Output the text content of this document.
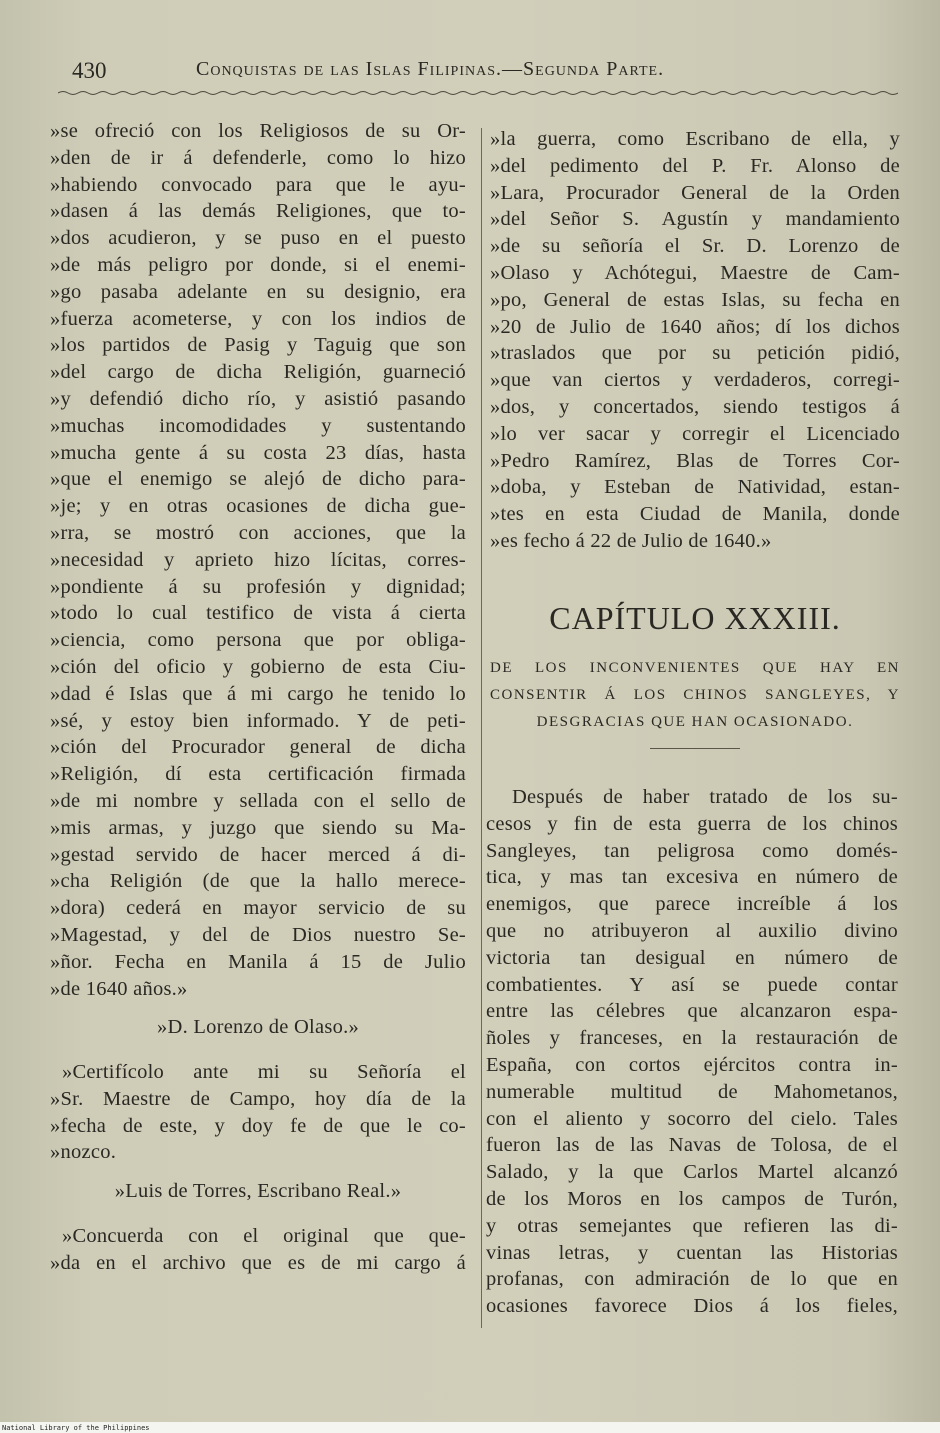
430	Conquistas de las Islas Filipinas.—Segunda Parte.
»se ofreció con los Religiosos de su Or-
»den de ir á defenderle, como lo hizo
»habiendo convocado para que le ayu-
»dasen á las demás Religiones, que to-
»dos acudieron, y se puso en el puesto
»de más peligro por donde, si el enemi-
»go pasaba adelante en su designio, era
»fuerza acometerse, y con los indios de
»los partidos de Pasig y Taguig que son
»del cargo de dicha Religión, guarneció
»y defendió dicho río, y asistió pasando
»muchas incomodidades y sustentando
»mucha gente á su costa 23 días, hasta
»que el enemigo se alejó de dicho para-
»je; y en otras ocasiones de dicha gue-
»rra, se mostró con acciones, que la
»necesidad y aprieto hizo lícitas, corres-
»pondiente á su profesión y dignidad;
»todo lo cual testifico de vista á cierta
»ciencia, como persona que por obliga-
»ción del oficio y gobierno de esta Ciu-
»dad é Islas que á mi cargo he tenido lo
»sé, y estoy bien informado. Y de peti-
»ción del Procurador general de dicha
»Religión, dí esta certificación firmada
»de mi nombre y sellada con el sello de
»mis armas, y juzgo que siendo su Ma-
»gestad servido de hacer merced á di-
»cha Religión (de que la hallo merece-
»dora) cederá en mayor servicio de su
»Magestad, y del de Dios nuestro Se-
»ñor. Fecha en Manila á 15 de Julio
»de 1640 años.»
»D. Lorenzo de Olaso.»
»Certifícolo ante mi su Señoría el
»Sr. Maestre de Campo, hoy día de la
»fecha de este, y doy fe de que le co-
»nozco.
»Luis de Torres, Escribano Real.»
»Concuerda con el original que que-
»da en el archivo que es de mi cargo á
»la guerra, como Escribano de ella, y
»del pedimento del P. Fr. Alonso de
»Lara, Procurador General de la Orden
»del Señor S. Agustín y mandamiento
»de su señoría el Sr. D. Lorenzo de
»Olaso y Achótegui, Maestre de Cam-
»po, General de estas Islas, su fecha en
»20 de Julio de 1640 años; dí los dichos
»traslados que por su petición pidió,
»que van ciertos y verdaderos, corregi-
»dos, y concertados, siendo testigos á
»lo ver sacar y corregir el Licenciado
»Pedro Ramírez, Blas de Torres Cor-
»doba, y Esteban de Natividad, estan-
»tes en esta Ciudad de Manila, donde
»es fecho á 22 de Julio de 1640.»
CAPÍTULO XXXIII.
DE LOS INCONVENIENTES QUE HAY EN
CONSENTIR Á LOS CHINOS SANGLEYES, Y
DESGRACIAS QUE HAN OCASIONADO.
Después de haber tratado de los su-
cesos y fin de esta guerra de los chinos
Sangleyes, tan peligrosa como domés-
tica, y mas tan excesiva en número de
enemigos, que parece increíble á los
que no atribuyeron al auxilio divino
victoria tan desigual en número de
combatientes. Y así se puede contar
entre las célebres que alcanzaron espa-
ñoles y franceses, en la restauración de
España, con cortos ejércitos contra in-
numerable multitud de Mahometanos,
con el aliento y socorro del cielo. Tales
fueron las de las Navas de Tolosa, de el
Salado, y la que Carlos Martel alcanzó
de los Moros en los campos de Turón,
y otras semejantes que refieren las di-
vinas letras, y cuentan las Historias
profanas, con admiración de lo que en
ocasiones favorece Dios á los fieles,
National Library of the Philippines
